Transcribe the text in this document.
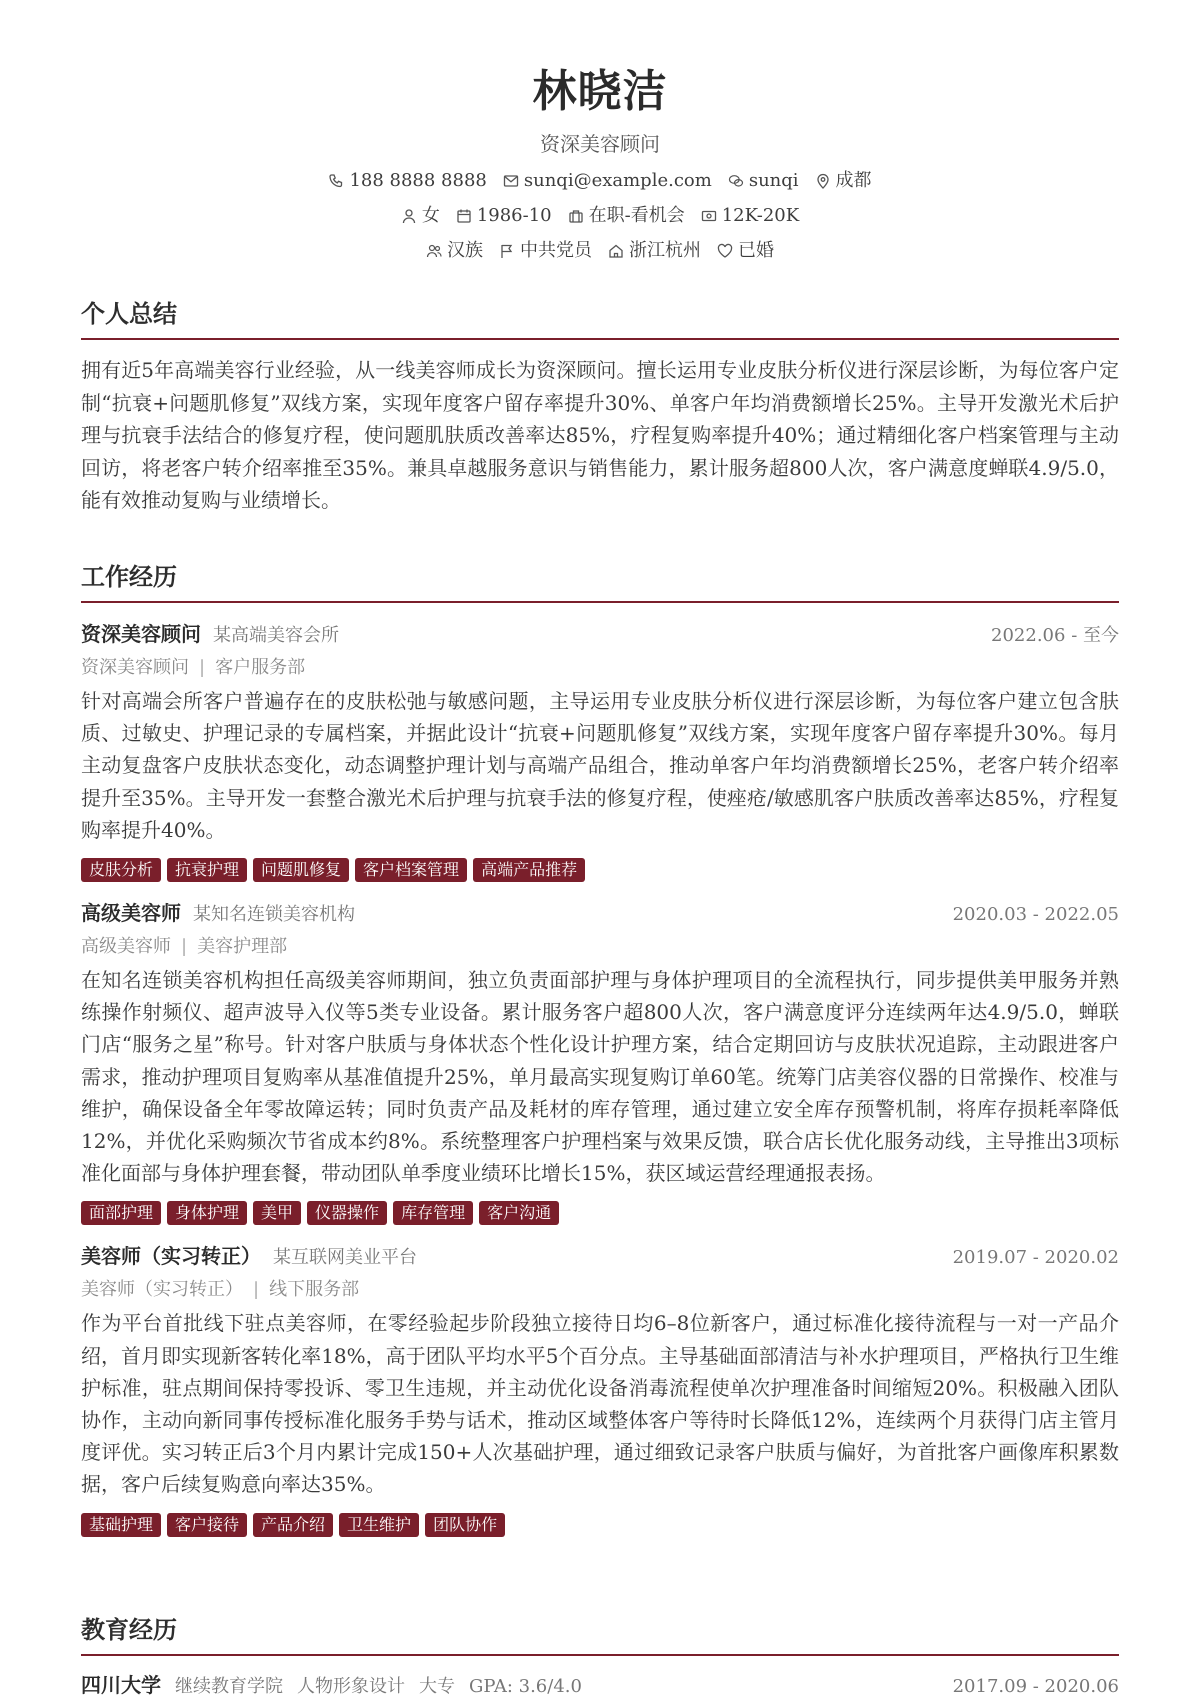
林晓洁
资深美容顾问
188 8888 8888 sunqi@example.com sunqi 成都
女 1986-10 在职-看机会 12K-20K
汉族 中共党员 浙江杭州 已婚
个人总结

拥有近5年高端美容行业经验，从一线美容师成长为资深顾问。擅长运用专业皮肤分析仪进行深层诊断，为每位客户定制“抗衰+问题肌修复”双线方案，实现年度客户留存率提升30%、单客户年均消费额增长25%。主导开发激光术后护理与抗衰手法结合的修复疗程，使问题肌肤质改善率达85%，疗程复购率提升40%；通过精细化客户档案管理与主动回访，将老客户转介绍率推至35%。兼具卓越服务意识与销售能力，累计服务超800人次，客户满意度蝉联4.9/5.0，能有效推动复购与业绩增长。

工作经历
资深美容顾问 某高端美容会所	2022.06 - 至今
资深美容顾问 | 客户服务部

针对高端会所客户普遍存在的皮肤松弛与敏感问题，主导运用专业皮肤分析仪进行深层诊断，为每位客户建立包含肤质、过敏史、护理记录的专属档案，并据此设计“抗衰+问题肌修复”双线方案，实现年度客户留存率提升30%。每月主动复盘客户皮肤状态变化，动态调整护理计划与高端产品组合，推动单客户年均消费额增长25%，老客户转介绍率提升至35%。主导开发一套整合激光术后护理与抗衰手法的修复疗程，使痤疮/敏感肌客户肤质改善率达85%，疗程复购率提升40%。

皮肤分析	抗衰护理	问题肌修复	客户档案管理	高端产品推荐
高级美容师 某知名连锁美容机构	2020.03 - 2022.05
高级美容师 | 美容护理部

在知名连锁美容机构担任高级美容师期间，独立负责面部护理与身体护理项目的全流程执行，同步提供美甲服务并熟练操作射频仪、超声波导入仪等5类专业设备。累计服务客户超800人次，客户满意度评分连续两年达4.9/5.0，蝉联门店“服务之星”称号。针对客户肤质与身体状态个性化设计护理方案，结合定期回访与皮肤状况追踪，主动跟进客户需求，推动护理项目复购率从基准值提升25%，单月最高实现复购订单60笔。统筹门店美容仪器的日常操作、校准与维护，确保设备全年零故障运转；同时负责产品及耗材的库存管理，通过建立安全库存预警机制，将库存损耗率降低12%，并优化采购频次节省成本约8%。系统整理客户护理档案与效果反馈，联合店长优化服务动线，主导推出3项标准化面部与身体护理套餐，带动团队单季度业绩环比增长15%，获区域运营经理通报表扬。

面部护理	身体护理	美甲	仪器操作	库存管理	客户沟通
美容师（实习转正） 某互联网美业平台	2019.07 - 2020.02
美容师（实习转正） | 线下服务部

作为平台首批线下驻点美容师，在零经验起步阶段独立接待日均6–8位新客户，通过标准化接待流程与一对一产品介绍，首月即实现新客转化率18%，高于团队平均水平5个百分点。主导基础面部清洁与补水护理项目，严格执行卫生维护标准，驻点期间保持零投诉、零卫生违规，并主动优化设备消毒流程使单次护理准备时间缩短20%。积极融入团队协作，主动向新同事传授标准化服务手势与话术，推动区域整体客户等待时长降低12%，连续两个月获得门店主管月度评优。实习转正后3个月内累计完成150+人次基础护理，通过细致记录客户肤质与偏好，为首批客户画像库积累数据，客户后续复购意向率达35%。

基础护理	客户接待	产品介绍	卫生维护	团队协作
教育经历
四川大学 继续教育学院 人物形象设计 大专 GPA: 3.6/4.0	2017.09 - 2020.06
